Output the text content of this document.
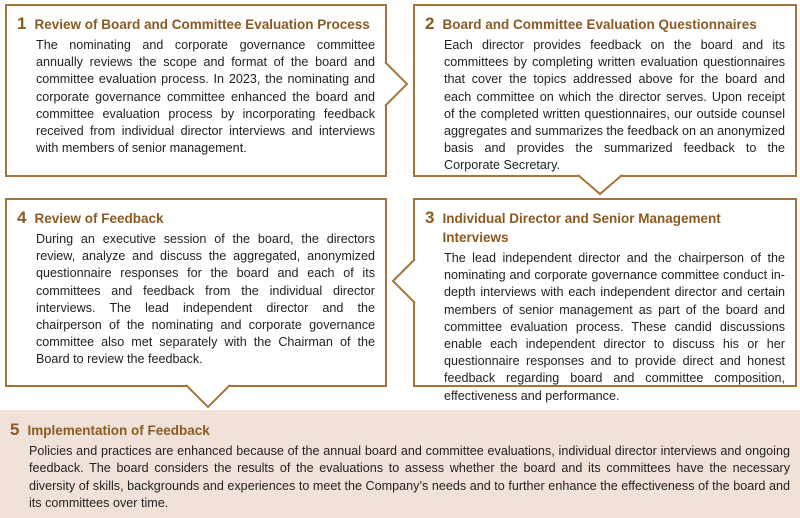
1 Review of Board and Committee Evaluation Process
The nominating and corporate governance committee annually reviews the scope and format of the board and committee evaluation process. In 2023, the nominating and corporate governance committee enhanced the board and committee evaluation process by incorporating feedback received from individual director interviews and interviews with members of senior management.
2 Board and Committee Evaluation Questionnaires
Each director provides feedback on the board and its committees by completing written evaluation questionnaires that cover the topics addressed above for the board and each committee on which the director serves. Upon receipt of the completed written questionnaires, our outside counsel aggregates and summarizes the feedback on an anonymized basis and provides the summarized feedback to the Corporate Secretary.
4 Review of Feedback
During an executive session of the board, the directors review, analyze and discuss the aggregated, anonymized questionnaire responses for the board and each of its committees and feedback from the individual director interviews. The lead independent director and the chairperson of the nominating and corporate governance committee also met separately with the Chairman of the Board to review the feedback.
3 Individual Director and Senior Management Interviews
The lead independent director and the chairperson of the nominating and corporate governance committee conduct in-depth interviews with each independent director and certain members of senior management as part of the board and committee evaluation process. These candid discussions enable each independent director to discuss his or her questionnaire responses and to provide direct and honest feedback regarding board and committee composition, effectiveness and performance.
5 Implementation of Feedback
Policies and practices are enhanced because of the annual board and committee evaluations, individual director interviews and ongoing feedback. The board considers the results of the evaluations to assess whether the board and its committees have the necessary diversity of skills, backgrounds and experiences to meet the Company’s needs and to further enhance the effectiveness of the board and its committees over time.
